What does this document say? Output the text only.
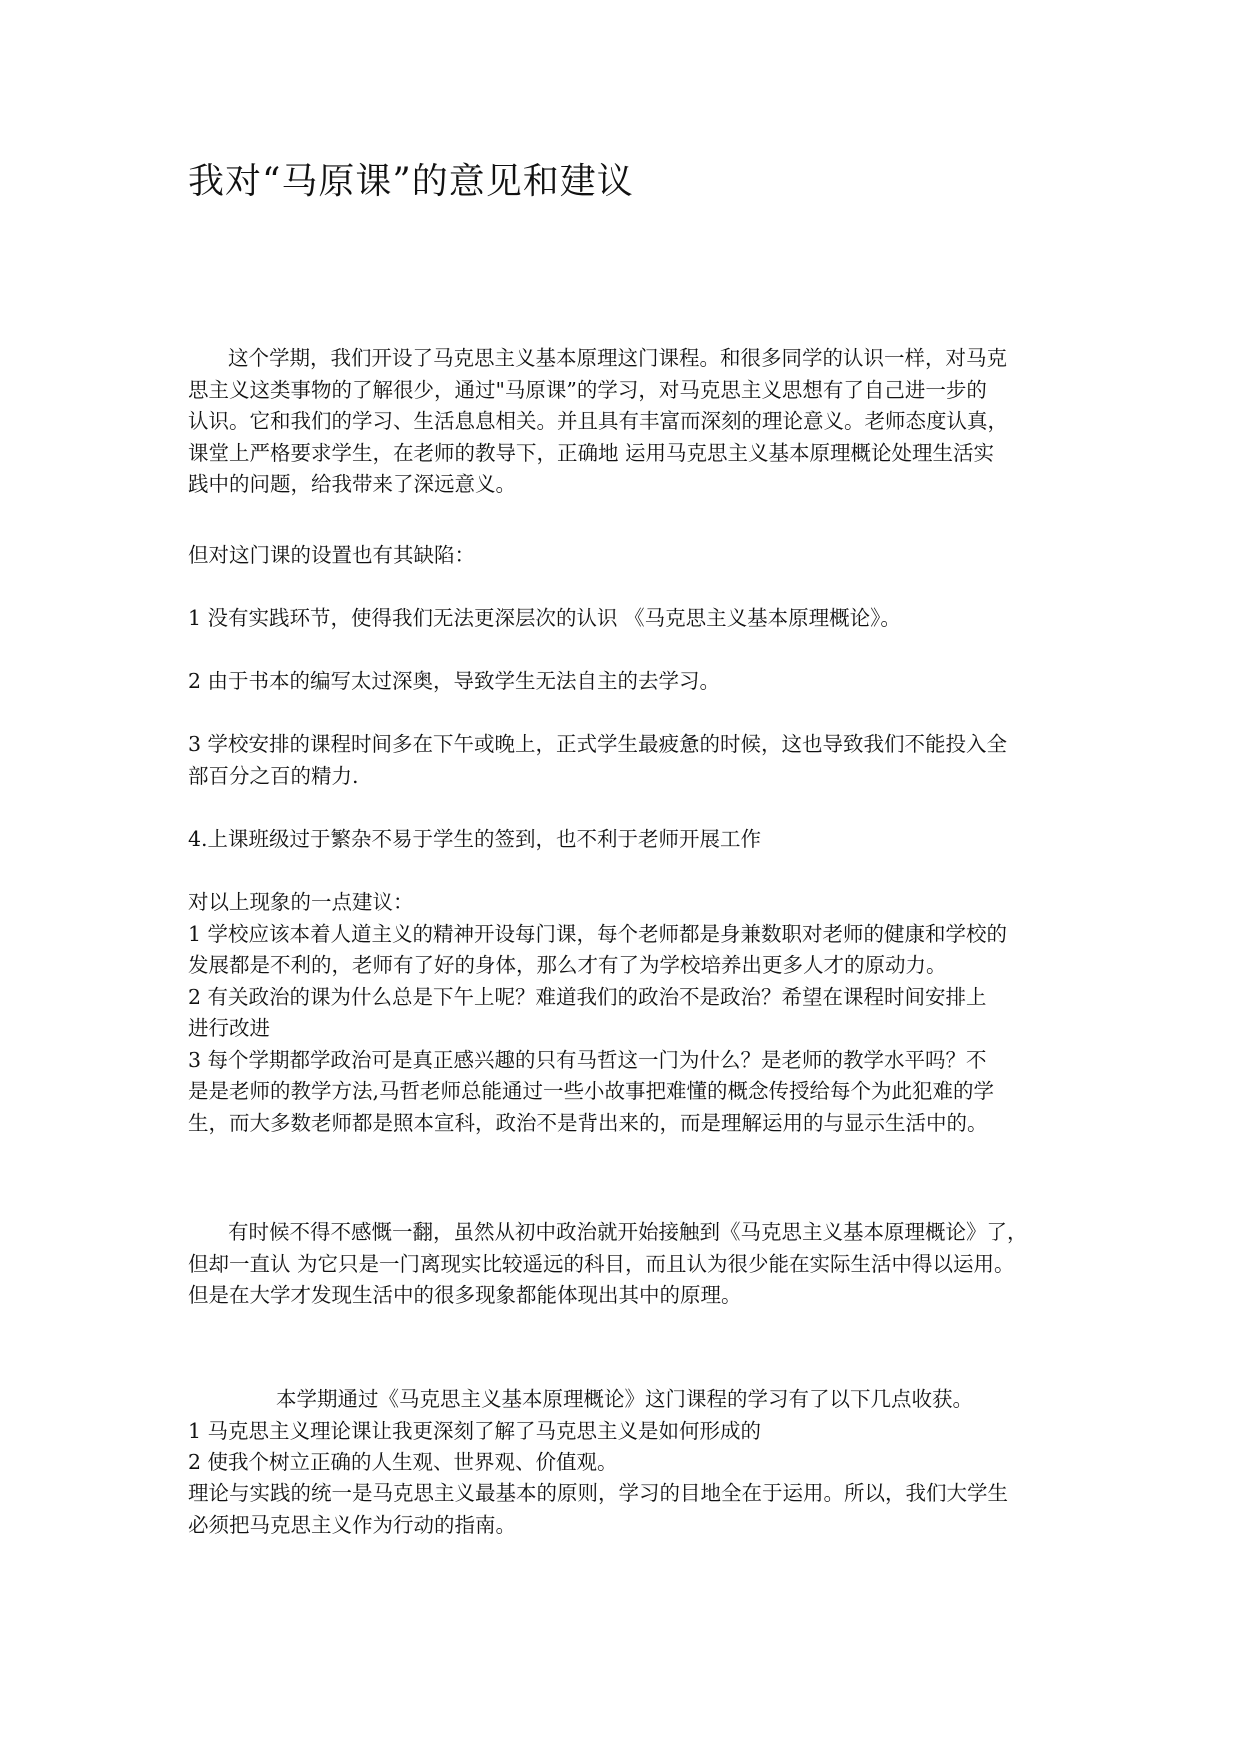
我对“马原课”的意见和建议
这个学期，我们开设了马克思主义基本原理这门课程。和很多同学的认识一样，对马克
思主义这类事物的了解很少，通过"马原课”的学习，对马克思主义思想有了自己进一步的
认识。它和我们的学习、生活息息相关。并且具有丰富而深刻的理论意义。老师态度认真，
课堂上严格要求学生，在老师的教导下，正确地 运用马克思主义基本原理概论处理生活实
践中的问题，给我带来了深远意义。
但对这门课的设置也有其缺陷：
1 没有实践环节，使得我们无法更深层次的认识 《马克思主义基本原理概论》。
2 由于书本的编写太过深奥，导致学生无法自主的去学习。
3 学校安排的课程时间多在下午或晚上，正式学生最疲惫的时候，这也导致我们不能投入全
部百分之百的精力.
4.上课班级过于繁杂不易于学生的签到，也不利于老师开展工作
对以上现象的一点建议：
1 学校应该本着人道主义的精神开设每门课，每个老师都是身兼数职对老师的健康和学校的
发展都是不利的，老师有了好的身体，那么才有了为学校培养出更多人才的原动力。
2 有关政治的课为什么总是下午上呢？难道我们的政治不是政治？希望在课程时间安排上
进行改进
3 每个学期都学政治可是真正感兴趣的只有马哲这一门为什么？是老师的教学水平吗？不
是是老师的教学方法,马哲老师总能通过一些小故事把难懂的概念传授给每个为此犯难的学
生，而大多数老师都是照本宣科，政治不是背出来的，而是理解运用的与显示生活中的。
有时候不得不感慨一翻，虽然从初中政治就开始接触到《马克思主义基本原理概论》了，
但却一直认 为它只是一门离现实比较遥远的科目，而且认为很少能在实际生活中得以运用。
但是在大学才发现生活中的很多现象都能体现出其中的原理。
本学期通过《马克思主义基本原理概论》这门课程的学习有了以下几点收获。
1 马克思主义理论课让我更深刻了解了马克思主义是如何形成的
2 使我个树立正确的人生观、世界观、价值观。
理论与实践的统一是马克思主义最基本的原则，学习的目地全在于运用。所以，我们大学生
必须把马克思主义作为行动的指南。
